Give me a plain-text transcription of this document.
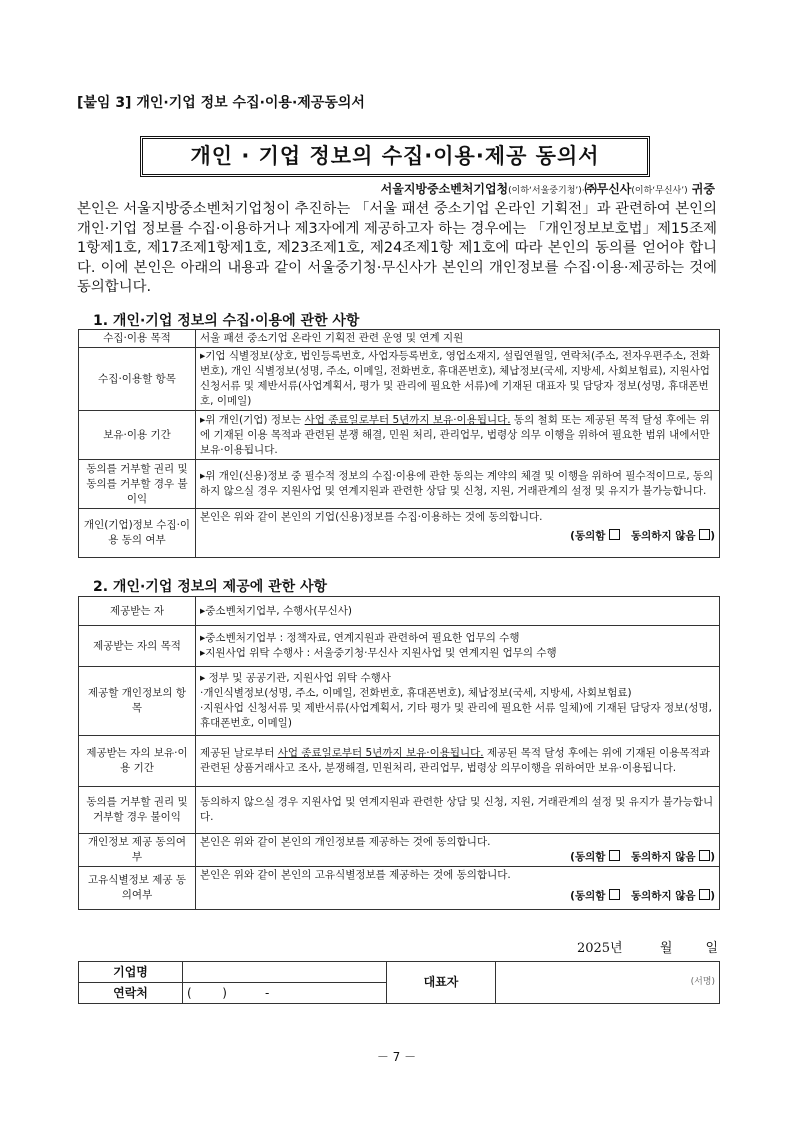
[붙임 3] 개인·기업 정보 수집·이용·제공동의서
개인 · 기업 정보의 수집·이용·제공 동의서
서울지방중소벤처기업청(이하‘서울중기청’)·㈜무신사(이하‘무신사’) 귀중
본인은 서울지방중소벤처기업청이 추진하는 「서울 패션 중소기업 온라인 기획전」과 관련하여 본인의 개인·기업 정보를 수집·이용하거나 제3자에게 제공하고자 하는 경우에는 「개인정보보호법」제15조제1항제1호, 제17조제1항제1호, 제23조제1호, 제24조제1항 제1호에 따라 본인의 동의를 얻어야 합니다. 이에 본인은 아래의 내용과 같이 서울중기청·무신사가 본인의 개인정보를 수집·이용·제공하는 것에 동의합니다.
1. 개인·기업 정보의 수집·이용에 관한 사항
수집·이용 목적	서울 패션 중소기업 온라인 기획전 관련 운영 및 연계 지원
수집·이용할 항목	▸ 기업 식별정보(상호, 법인등록번호, 사업자등록번호, 영업소재지, 설립연월일, 연락처(주소, 전자우편주소, 전화번호), 개인 식별정보(성명, 주소, 이메일, 전화번호, 휴대폰번호), 체납정보(국세, 지방세, 사회보험료), 지원사업 신청서류 및 제반서류(사업계획서, 평가 및 관리에 필요한 서류)에 기재된 대표자 및 담당자 정보(성명, 휴대폰번호, 이메일)
보유·이용 기간	▸ 위 개인(기업) 정보는 사업 종료일로부터 5년까지 보유·이용됩니다. 동의 철회 또는 제공된 목적 달성 후에는 위에 기재된 이용 목적과 관련된 분쟁 해결, 민원 처리, 관리업무, 법령상 의무 이행을 위하여 필요한 범위 내에서만 보유·이용됩니다.
동의를 거부할 권리 및 동의를 거부할 경우 불이익	▸ 위 개인(신용)정보 중 필수적 정보의 수집·이용에 관한 동의는 계약의 체결 및 이행을 위하여 필수적이므로, 동의하지 않으실 경우 지원사업 및 연계지원과 관련한 상담 및 신청, 지원, 거래관계의 설정 및 유지가 불가능합니다.
개인(기업)정보 수집·이용 동의 여부	본인은 위와 같이 본인의 기업(신용)정보를 수집·이용하는 것에 동의합니다.
(동의함 동의하지 않음 )
2. 개인·기업 정보의 제공에 관한 사항
제공받는 자	▸ 중소벤처기업부, 수행사(무신사)
제공받는 자의 목적	▸ 중소벤처기업부 : 정책자료, 연계지원과 관련하여 필요한 업무의 수행
▸ 지원사업 위탁 수행사 : 서울중기청·무신사 지원사업 및 연계지원 업무의 수행

제공할 개인정보의 항목	▸ 정부 및 공공기관, 지원사업 위탁 수행사
·개인식별정보(성명, 주소, 이메일, 전화번호, 휴대폰번호), 체납정보(국세, 지방세, 사회보험료)
·지원사업 신청서류 및 제반서류(사업계획서, 기타 평가 및 관리에 필요한 서류 일체)에 기재된 담당자 정보(성명, 휴대폰번호, 이메일)

제공받는 자의 보유·이용 기간	제공된 날로부터 사업 종료일로부터 5년까지 보유·이용됩니다. 제공된 목적 달성 후에는 위에 기재된 이용목적과 관련된 상품거래사고 조사, 분쟁해결, 민원처리, 관리업무, 법령상 의무이행을 위하여만 보유·이용됩니다.
동의를 거부할 권리 및 거부할 경우 불이익	동의하지 않으실 경우 지원사업 및 연계지원과 관련한 상담 및 신청, 지원, 거래관계의 설정 및 유지가 불가능합니다.
개인정보 제공 동의여부	본인은 위와 같이 본인의 개인정보를 제공하는 것에 동의합니다.
(동의함 동의하지 않음 )

고유식별정보 제공 동의여부	본인은 위와 같이 본인의 고유식별정보를 제공하는 것에 동의합니다.
(동의함 동의하지 않음 )
2025년	월	일
기업명		대표자	(서명)
연락처	(        )          -		
－ 7 －
